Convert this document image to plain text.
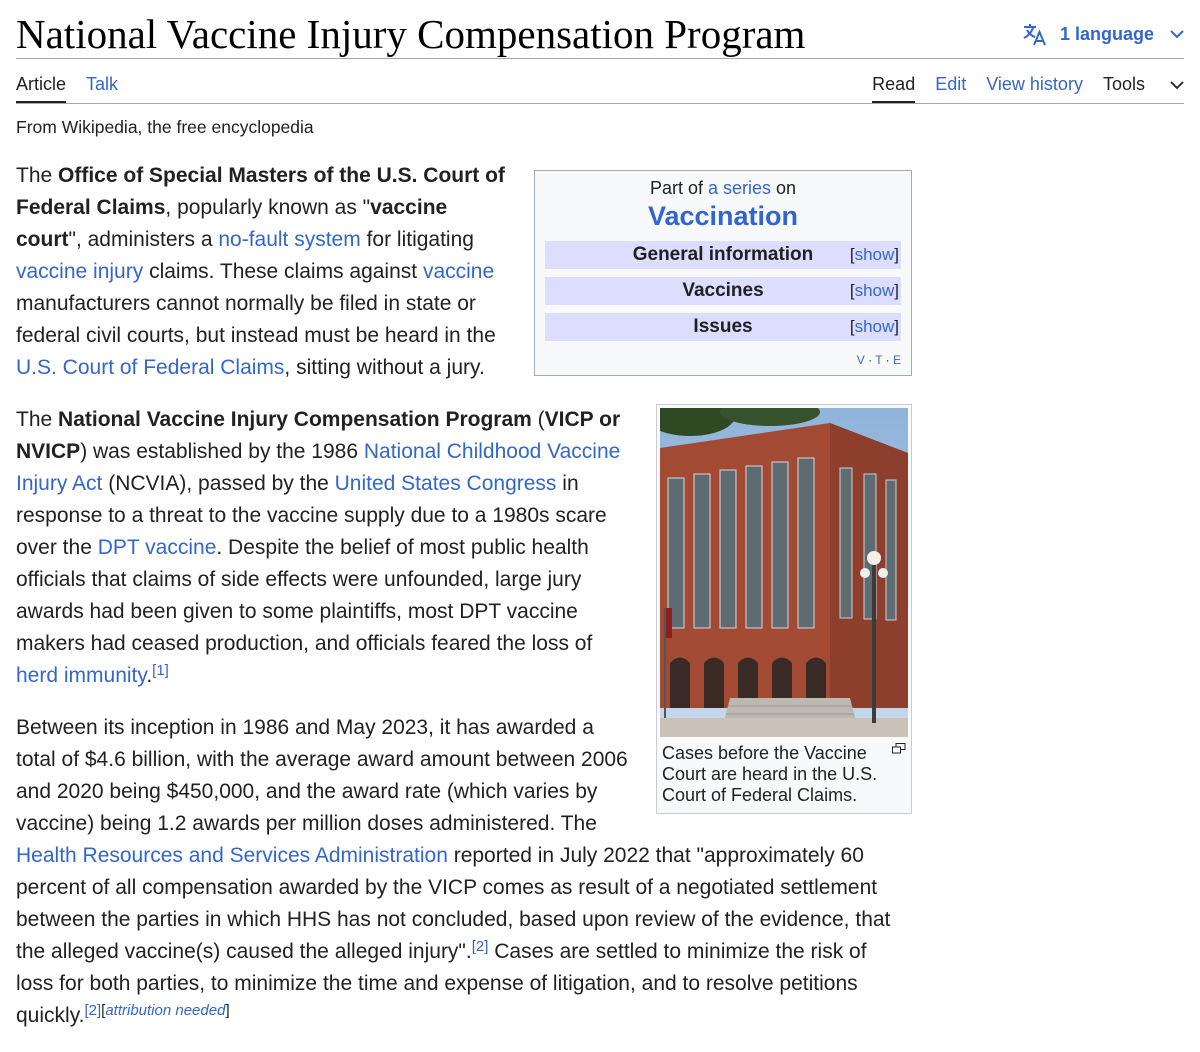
National Vaccine Injury Compensation Program	1 language
Article Talk	Read Edit View history Tools
From Wikipedia, the free encyclopedia
Part of a series on
Vaccination
General information [show]
Vaccines	[show]
Issues	[show]
V · T · E

The Office of Special Masters of the U.S. Court of Federal Claims, popularly known as "vaccine court", administers a no-fault system for litigating vaccine injury claims. These claims against vaccine manufacturers cannot normally be filed in state or federal civil courts, but instead must be heard in the U.S. Court of Federal Claims, sitting without a jury.

Cases before the Vaccine Court are heard in the U.S. Court of Federal Claims.

The National Vaccine Injury Compensation Program (VICP or NVICP) was established by the 1986 National Childhood Vaccine Injury Act (NCVIA), passed by the United States Congress in response to a threat to the vaccine supply due to a 1980s scare over the DPT vaccine. Despite the belief of most public health officials that claims of side effects were unfounded, large jury awards had been given to some plaintiffs, most DPT vaccine makers had ceased production, and officials feared the loss of herd immunity.[1]

Between its inception in 1986 and May 2023, it has awarded a total of $4.6 billion, with the average award amount between 2006 and 2020 being $450,000, and the award rate (which varies by vaccine) being 1.2 awards per million doses administered. The Health Resources and Services Administration reported in July 2022 that "approximately 60 percent of all compensation awarded by the VICP comes as result of a negotiated settlement between the parties in which HHS has not concluded, based upon review of the evidence, that the alleged vaccine(s) caused the alleged injury".[2] Cases are settled to minimize the risk of loss for both parties, to minimize the time and expense of litigation, and to resolve petitions quickly.[2][attribution needed]
